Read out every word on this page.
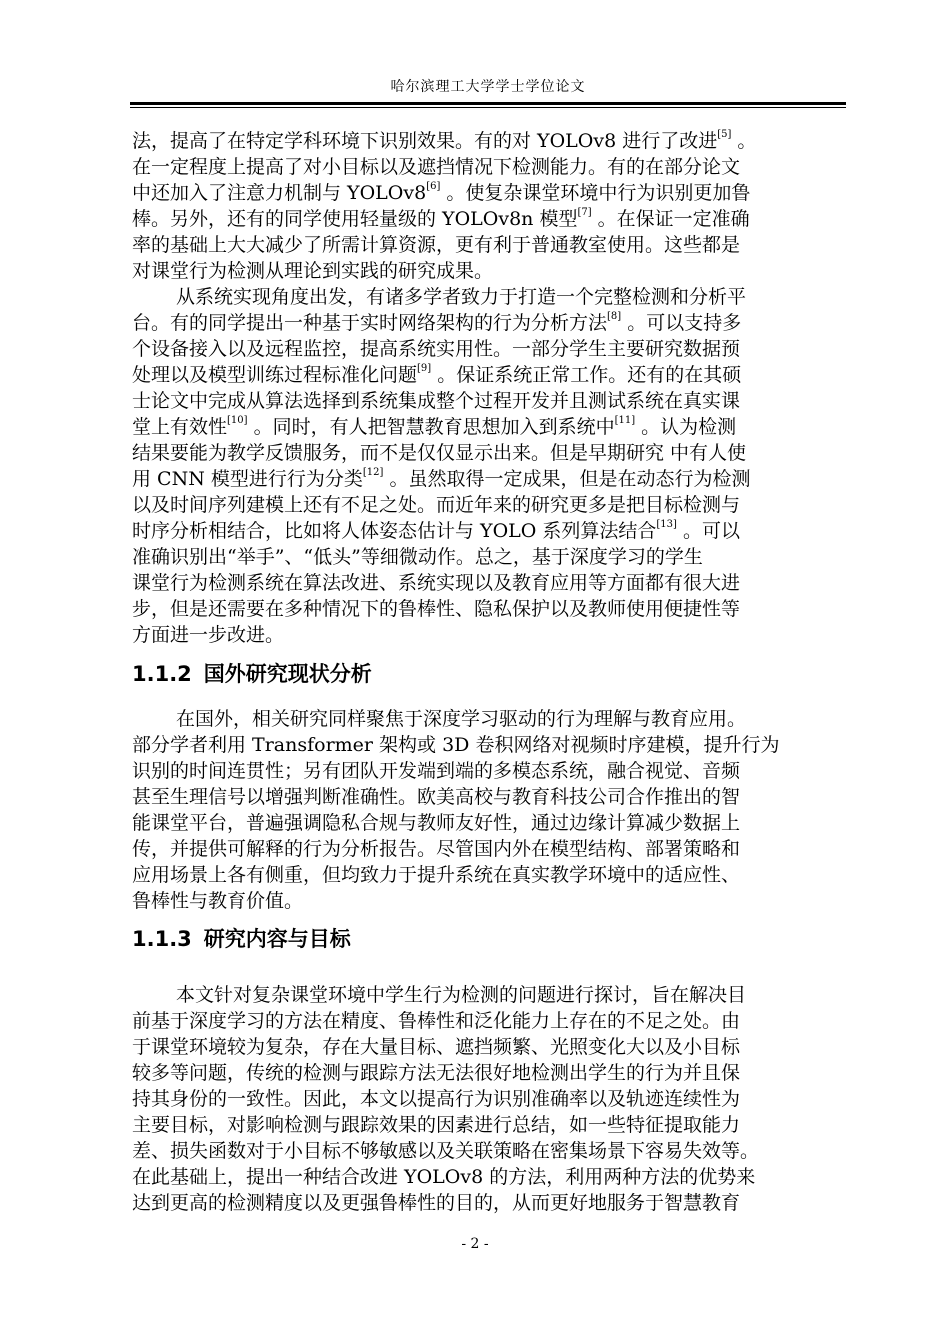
哈尔滨理工大学学士学位论文
法，提高了在特定学科环境下识别效果。有的对 YOLOv8 进行了改进[5] 。
在一定程度上提高了对小目标以及遮挡情况下检测能力。有的在部分论文
中还加入了注意力机制与 YOLOv8[6] 。使复杂课堂环境中行为识别更加鲁
棒。另外，还有的同学使用轻量级的 YOLOv8n 模型[7] 。在保证一定准确
率的基础上大大减少了所需计算资源，更有利于普通教室使用。这些都是
对课堂行为检测从理论到实践的研究成果。
从系统实现角度出发，有诸多学者致力于打造一个完整检测和分析平
台。有的同学提出一种基于实时网络架构的行为分析方法[8] 。可以支持多
个设备接入以及远程监控，提高系统实用性。一部分学生主要研究数据预
处理以及模型训练过程标准化问题[9] 。保证系统正常工作。还有的在其硕
士论文中完成从算法选择到系统集成整个过程开发并且测试系统在真实课
堂上有效性[10] 。同时，有人把智慧教育思想加入到系统中[11] 。认为检测
结果要能为教学反馈服务，而不是仅仅显示出来。但是早期研究 中有人使
用 CNN 模型进行行为分类[12] 。虽然取得一定成果，但是在动态行为检测
以及时间序列建模上还有不足之处。而近年来的研究更多是把目标检测与
时序分析相结合，比如将人体姿态估计与 YOLO 系列算法结合[13] 。可以
准确识别出“举手”、“低头”等细微动作。总之，基于深度学习的学生
课堂行为检测系统在算法改进、系统实现以及教育应用等方面都有很大进
步，但是还需要在多种情况下的鲁棒性、隐私保护以及教师使用便捷性等
方面进一步改进。
1.1.2 国外研究现状分析
在国外，相关研究同样聚焦于深度学习驱动的行为理解与教育应用。
部分学者利用 Transformer 架构或 3D 卷积网络对视频时序建模，提升行为
识别的时间连贯性；另有团队开发端到端的多模态系统，融合视觉、音频
甚至生理信号以增强判断准确性。欧美高校与教育科技公司合作推出的智
能课堂平台，普遍强调隐私合规与教师友好性，通过边缘计算减少数据上
传，并提供可解释的行为分析报告。尽管国内外在模型结构、部署策略和
应用场景上各有侧重，但均致力于提升系统在真实教学环境中的适应性、
鲁棒性与教育价值。
1.1.3 研究内容与目标
本文针对复杂课堂环境中学生行为检测的问题进行探讨，旨在解决目
前基于深度学习的方法在精度、鲁棒性和泛化能力上存在的不足之处。由
于课堂环境较为复杂，存在大量目标、遮挡频繁、光照变化大以及小目标
较多等问题，传统的检测与跟踪方法无法很好地检测出学生的行为并且保
持其身份的一致性。因此，本文以提高行为识别准确率以及轨迹连续性为
主要目标，对影响检测与跟踪效果的因素进行总结，如一些特征提取能力
差、损失函数对于小目标不够敏感以及关联策略在密集场景下容易失效等。
在此基础上，提出一种结合改进 YOLOv8 的方法，利用两种方法的优势来
达到更高的检测精度以及更强鲁棒性的目的，从而更好地服务于智慧教育
- 2 -
